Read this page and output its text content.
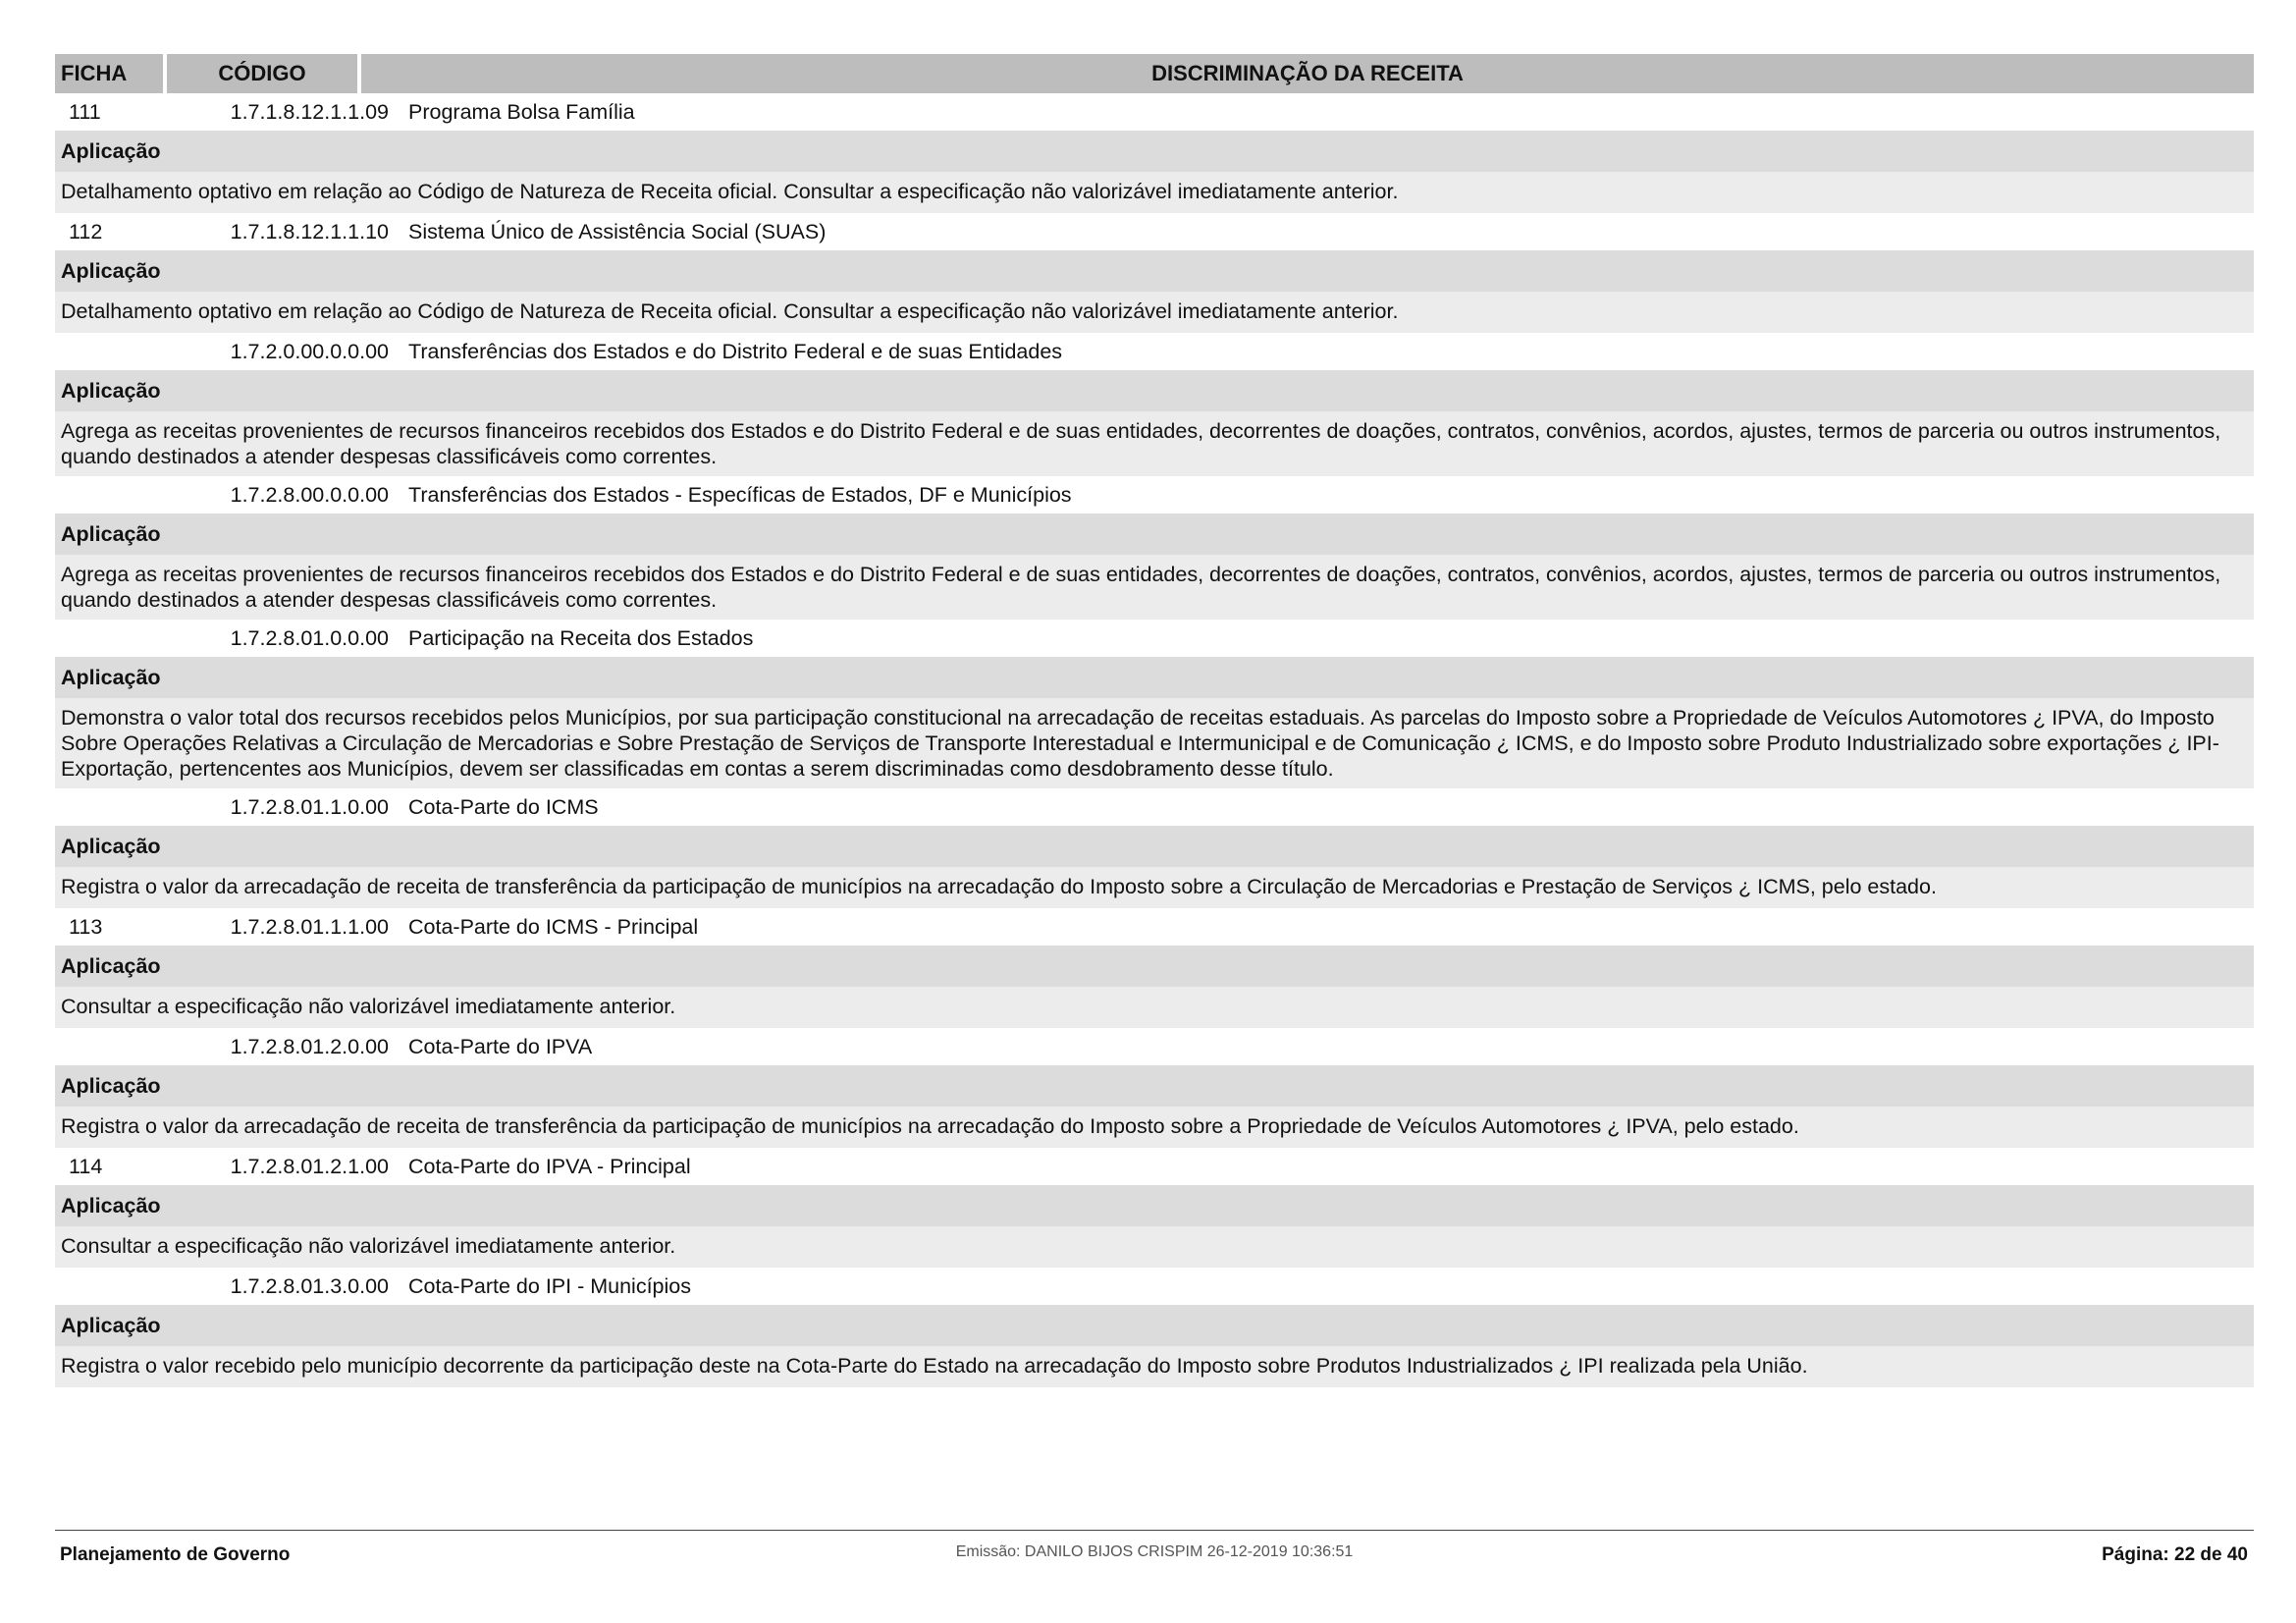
FICHA	CÓDIGO	DISCRIMINAÇÃO DA RECEITA
111	1.7.1.8.12.1.1.09 Programa Bolsa Família
Aplicação
Detalhamento optativo em relação ao Código de Natureza de Receita oficial. Consultar a especificação não valorizável imediatamente anterior.
112	1.7.1.8.12.1.1.10 Sistema Único de Assistência Social (SUAS)
Aplicação
Detalhamento optativo em relação ao Código de Natureza de Receita oficial. Consultar a especificação não valorizável imediatamente anterior.
1.7.2.0.00.0.0.00 Transferências dos Estados e do Distrito Federal e de suas Entidades
Aplicação
Agrega as receitas provenientes de recursos financeiros recebidos dos Estados e do Distrito Federal e de suas entidades, decorrentes de doações, contratos, convênios, acordos, ajustes, termos de parceria ou outros instrumentos, quando destinados a atender despesas classificáveis como correntes.
1.7.2.8.00.0.0.00 Transferências dos Estados - Específicas de Estados, DF e Municípios
Aplicação
Agrega as receitas provenientes de recursos financeiros recebidos dos Estados e do Distrito Federal e de suas entidades, decorrentes de doações, contratos, convênios, acordos, ajustes, termos de parceria ou outros instrumentos, quando destinados a atender despesas classificáveis como correntes.
1.7.2.8.01.0.0.00 Participação na Receita dos Estados
Aplicação
Demonstra o valor total dos recursos recebidos pelos Municípios, por sua participação constitucional na arrecadação de receitas estaduais. As parcelas do Imposto sobre a Propriedade de Veículos Automotores ¿ IPVA, do Imposto Sobre Operações Relativas a Circulação de Mercadorias e Sobre Prestação de Serviços de Transporte Interestadual e Intermunicipal e de Comunicação ¿ ICMS, e do Imposto sobre Produto Industrializado sobre exportações ¿ IPI-Exportação, pertencentes aos Municípios, devem ser classificadas em contas a serem discriminadas como desdobramento desse título.
1.7.2.8.01.1.0.00 Cota-Parte do ICMS
Aplicação
Registra o valor da arrecadação de receita de transferência da participação de municípios na arrecadação do Imposto sobre a Circulação de Mercadorias e Prestação de Serviços ¿ ICMS, pelo estado.
113	1.7.2.8.01.1.1.00 Cota-Parte do ICMS - Principal
Aplicação
Consultar a especificação não valorizável imediatamente anterior.
1.7.2.8.01.2.0.00 Cota-Parte do IPVA
Aplicação
Registra o valor da arrecadação de receita de transferência da participação de municípios na arrecadação do Imposto sobre a Propriedade de Veículos Automotores ¿ IPVA, pelo estado.
114	1.7.2.8.01.2.1.00 Cota-Parte do IPVA - Principal
Aplicação
Consultar a especificação não valorizável imediatamente anterior.
1.7.2.8.01.3.0.00 Cota-Parte do IPI - Municípios
Aplicação
Registra o valor recebido pelo município decorrente da participação deste na Cota-Parte do Estado na arrecadação do Imposto sobre Produtos Industrializados ¿ IPI realizada pela União.
Planejamento de Governo	Emissão: DANILO BIJOS CRISPIM 26-12-2019 10:36:51	Página: 22 de 40
